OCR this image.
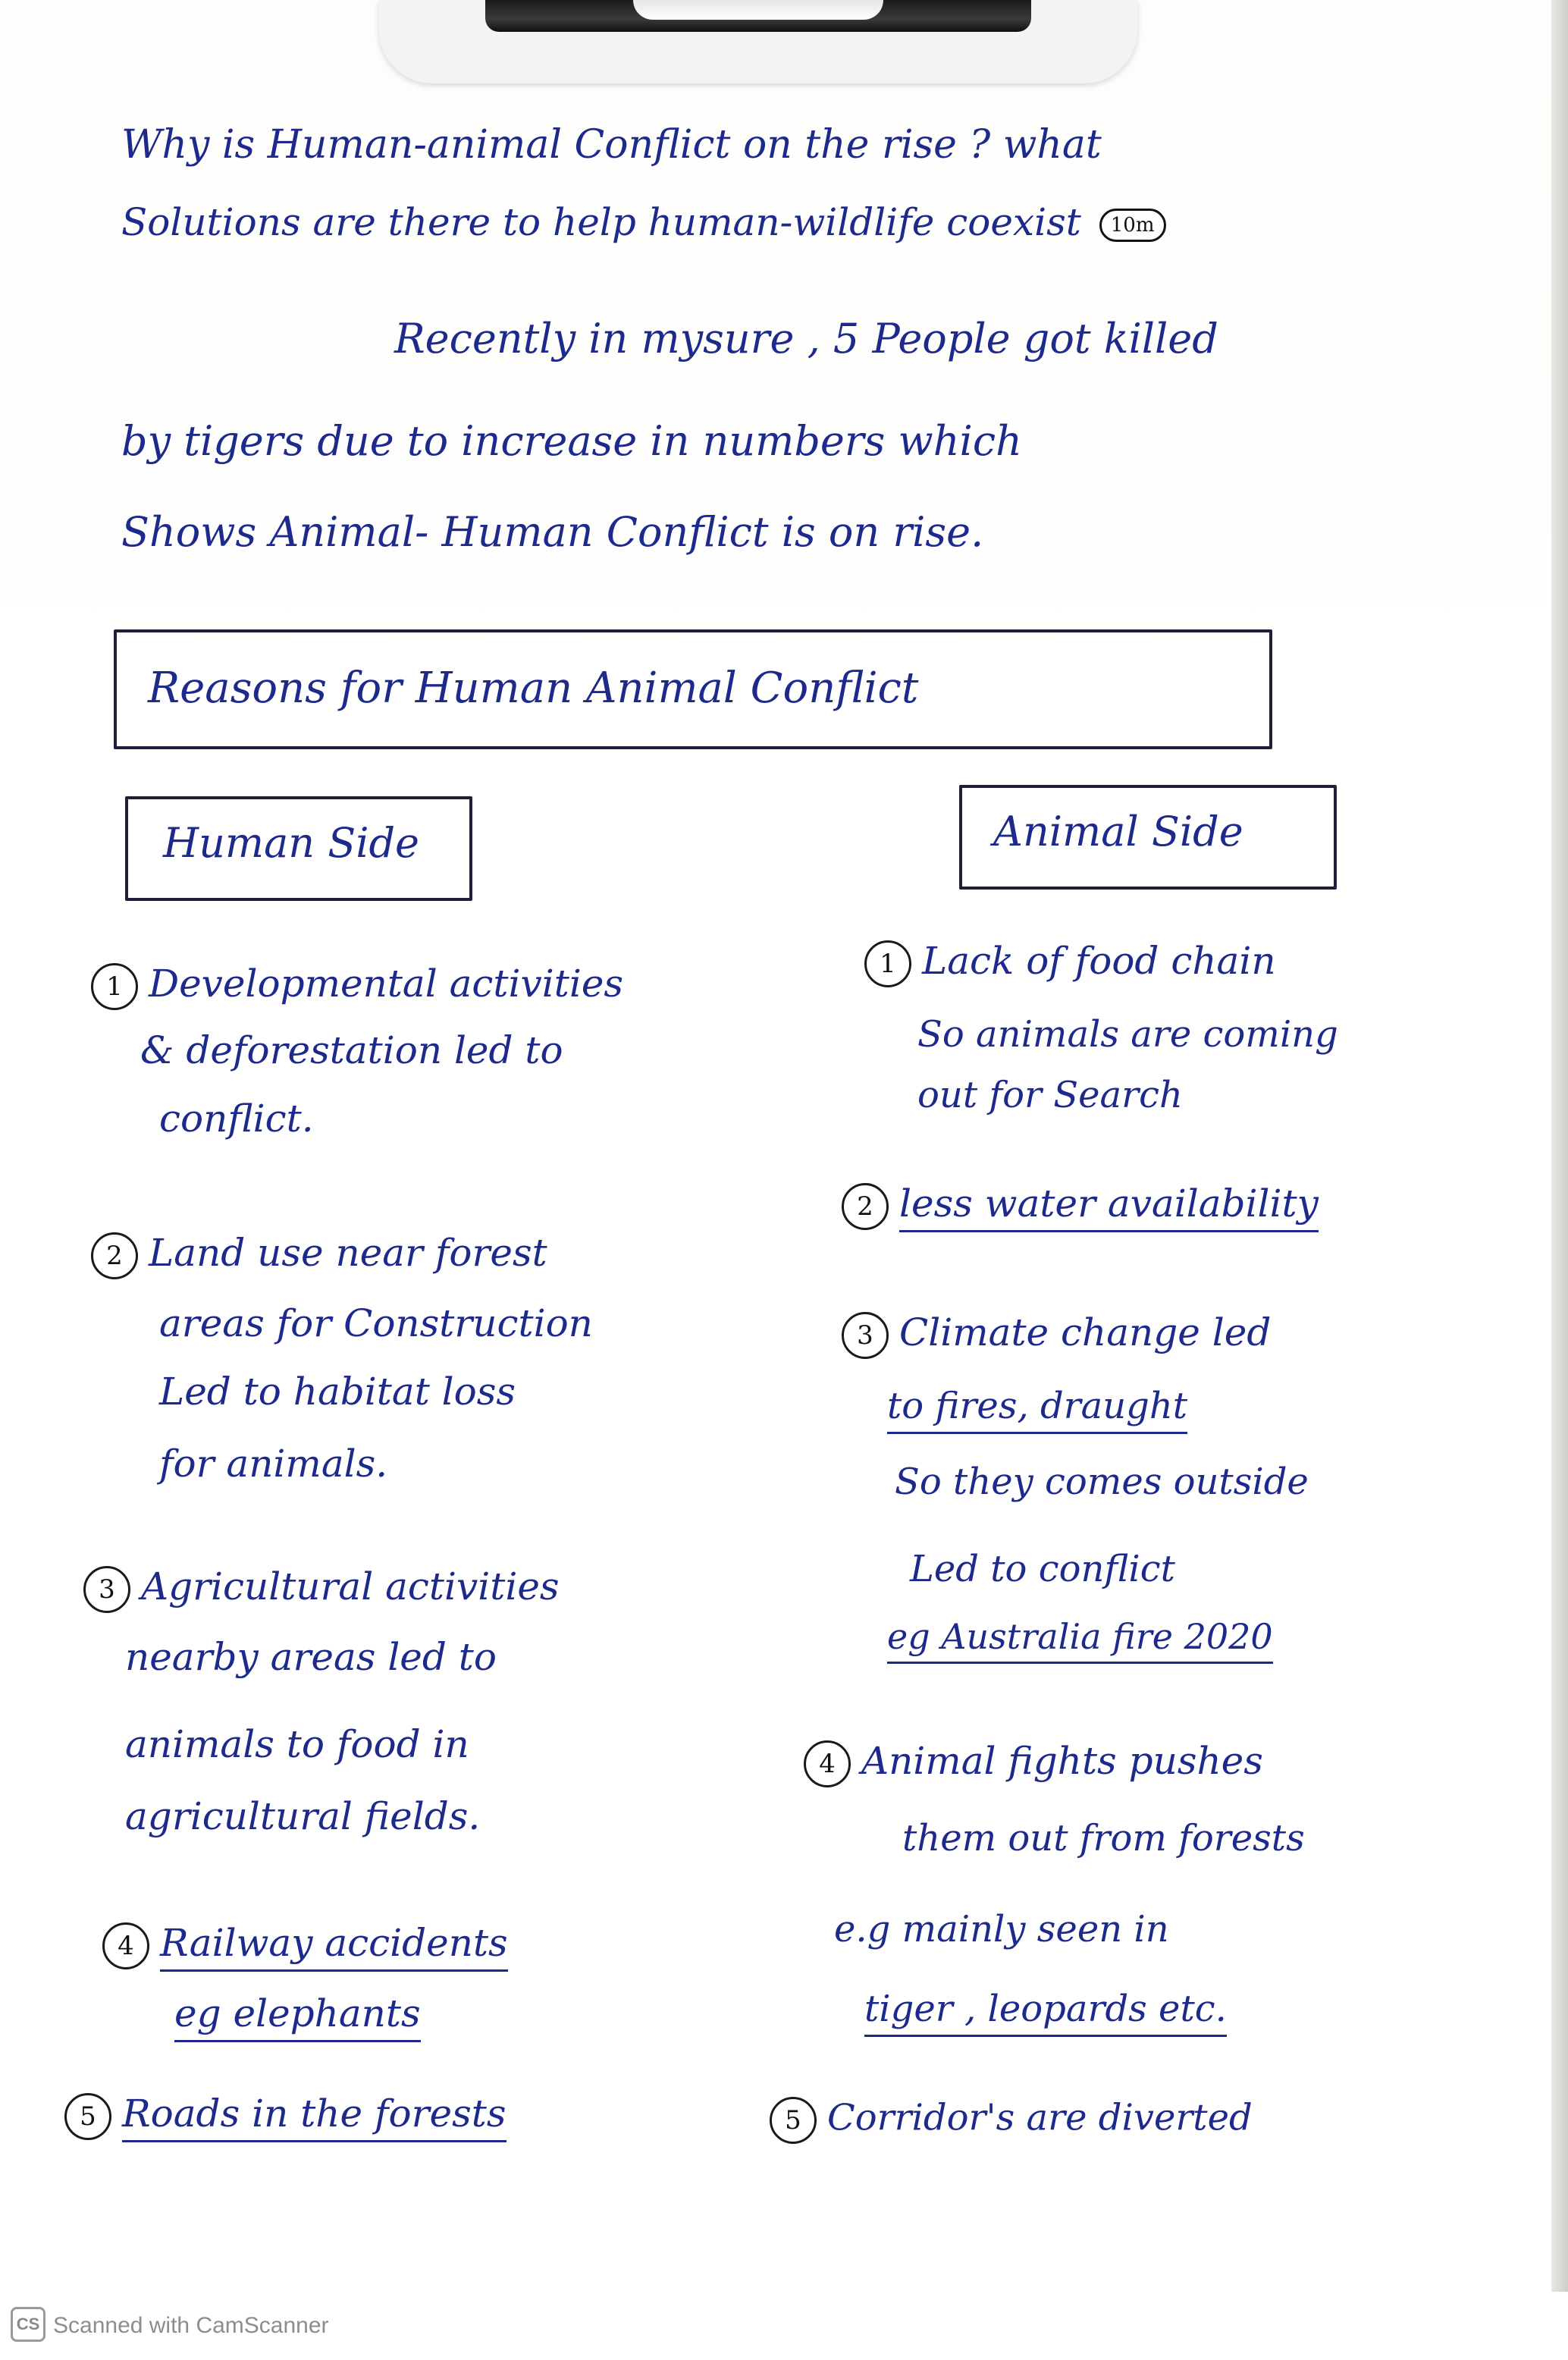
Why is Human-animal Conflict on the rise ? what
Solutions are there to help human-wildlife coexist 10m
Recently in mysure , 5 People got killed
by tigers due to increase in numbers which
Shows Animal- Human Conflict is on rise.
Reasons for Human Animal Conflict
Human Side	Animal Side
1 Developmental activities
& deforestation led to
conflict.
2 Land use near forest
areas for Construction
Led to habitat loss
for animals.
3 Agricultural activities
nearby areas led to
animals to food in
agricultural fields.
4 Railway accidents
eg elephants
5 Roads in the forests
1 Lack of food chain
So animals are coming
out for Search
2 less water availability
3 Climate change led
to fires, draught
So they comes outside
Led to conflict
eg Australia fire 2020
4 Animal fights pushes
them out from forests
e.g mainly seen in
tiger , leopards etc.
5 Corridor's are diverted
CS Scanned with CamScanner
